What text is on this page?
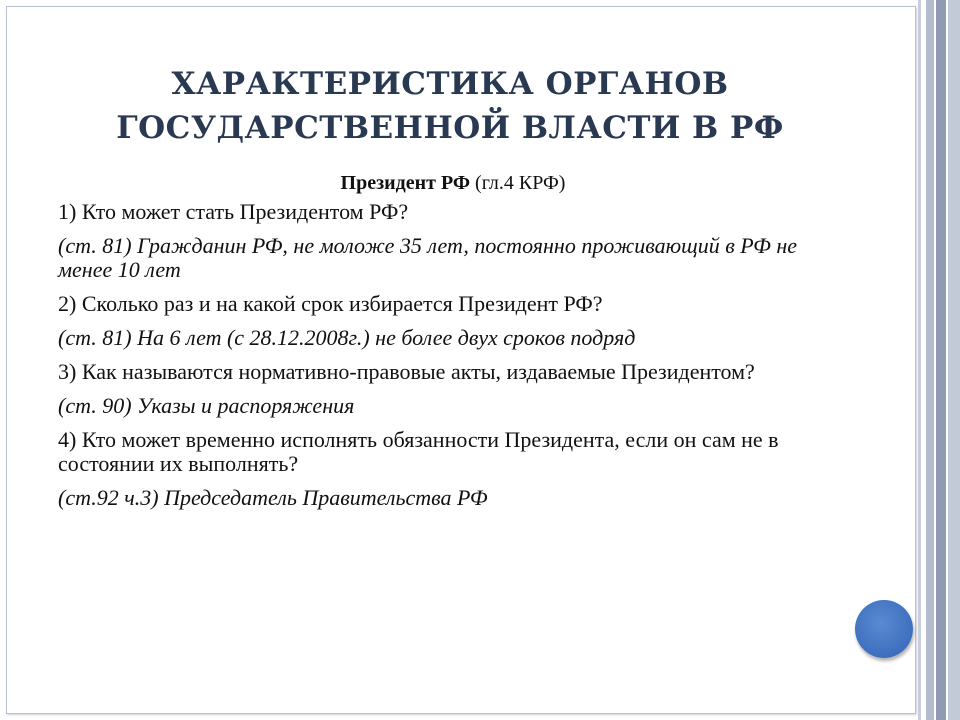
ХАРАКТЕРИСТИКА ОРГАНОВ
ГОСУДАРСТВЕННОЙ ВЛАСТИ В РФ

Президент РФ (гл.4 КРФ)

1) Кто может стать Президентом РФ?

(ст. 81) Гражданин РФ, не моложе 35 лет, постоянно проживающий в РФ не менее 10 лет

2) Сколько раз и на какой срок избирается Президент РФ?

(ст. 81) На 6 лет (с 28.12.2008г.) не более двух сроков подряд

3) Как называются нормативно-правовые акты, издаваемые Президентом?

(ст. 90) Указы и распоряжения

4) Кто может временно исполнять обязанности Президента, если он сам не в состоянии их выполнять?

(ст.92 ч.3) Председатель Правительства РФ
